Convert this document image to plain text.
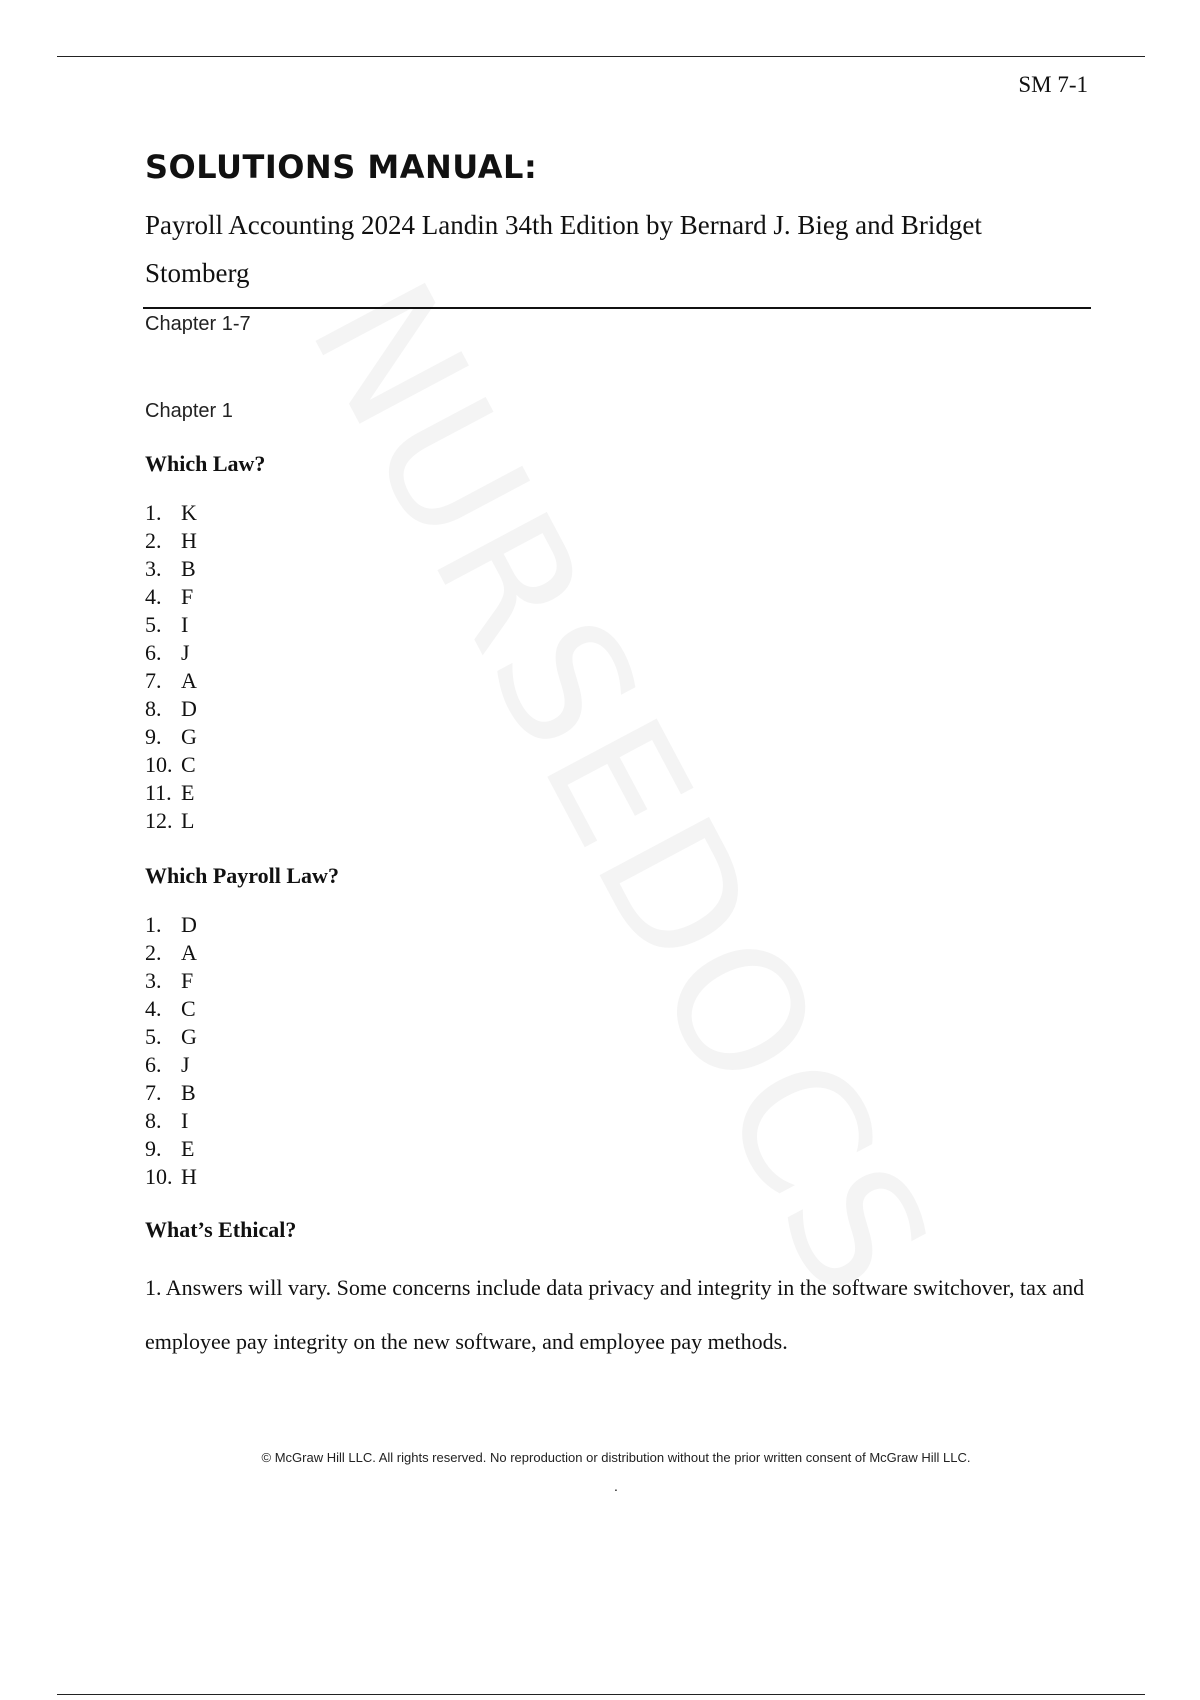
SM 7-1
SOLUTIONS MANUAL:

Payroll Accounting 2024 Landin 34th Edition by Bernard J. Bieg and Bridget Stomberg

Chapter 1-7
Chapter 1
Which Law?
1. K
2. H
3. B
4. F
5. I
6. J
7. A
8. D
9. G
10. C
11. E
12. L
Which Payroll Law?
1. D
2. A
3. F
4. C
5. G
6. J
7. B
8. I
9. E
10. H
What’s Ethical?

1. Answers will vary. Some concerns include data privacy and integrity in the software switchover, tax and employee pay integrity on the new software, and employee pay methods.

© McGraw Hill LLC. All rights reserved. No reproduction or distribution without the prior written consent of McGraw Hill LLC.
.
